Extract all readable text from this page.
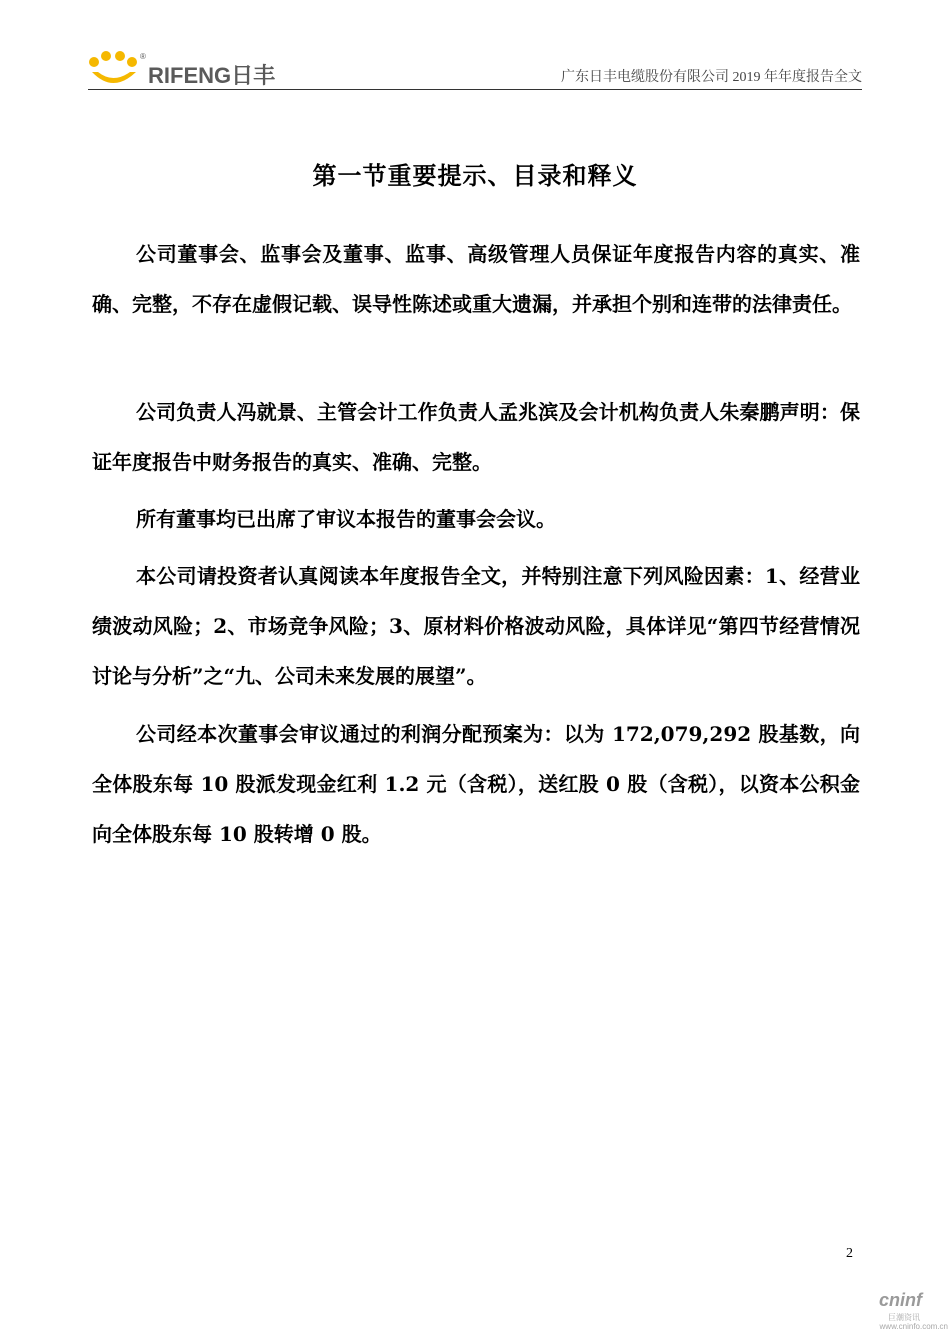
®
RIFENG日丰	广东日丰电缆股份有限公司 2019 年年度报告全文
第一节重要提示、目录和释义

公司董事会、监事会及董事、监事、高级管理人员保证年度报告内容的真实、准确、完整，不存在虚假记载、误导性陈述或重大遗漏，并承担个别和连带的法律责任。

公司负责人冯就景、主管会计工作负责人孟兆滨及会计机构负责人朱秦鹏声明：保证年度报告中财务报告的真实、准确、完整。

所有董事均已出席了审议本报告的董事会会议。

本公司请投资者认真阅读本年度报告全文，并特别注意下列风险因素：1、经营业绩波动风险；2、市场竞争风险；3、原材料价格波动风险，具体详见“第四节经营情况讨论与分析”之“九、公司未来发展的展望”。

公司经本次董事会审议通过的利润分配预案为：以为 172,079,292 股基数，向全体股东每 10 股派发现金红利 1.2 元（含税），送红股 0 股（含税），以资本公积金向全体股东每 10 股转增 0 股。

2
cninf
巨潮资讯
www.cninfo.com.cn
